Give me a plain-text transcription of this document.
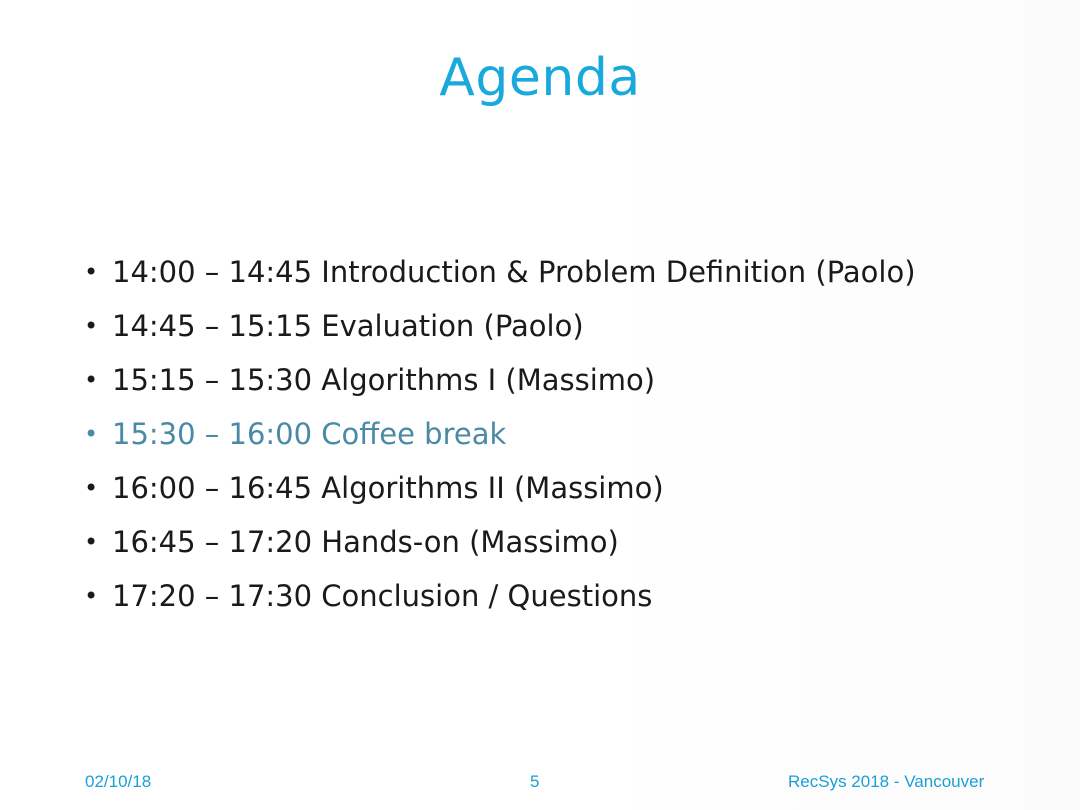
Agenda
• 14:00 – 14:45 Introduction & Problem Definition (Paolo)
• 14:45 – 15:15 Evaluation (Paolo)
• 15:15 – 15:30 Algorithms I (Massimo)
• 15:30 – 16:00 Coffee break
• 16:00 – 16:45 Algorithms II (Massimo)
• 16:45 – 17:20 Hands-on (Massimo)
• 17:20 – 17:30 Conclusion / Questions
02/10/18	5	RecSys 2018 - Vancouver
